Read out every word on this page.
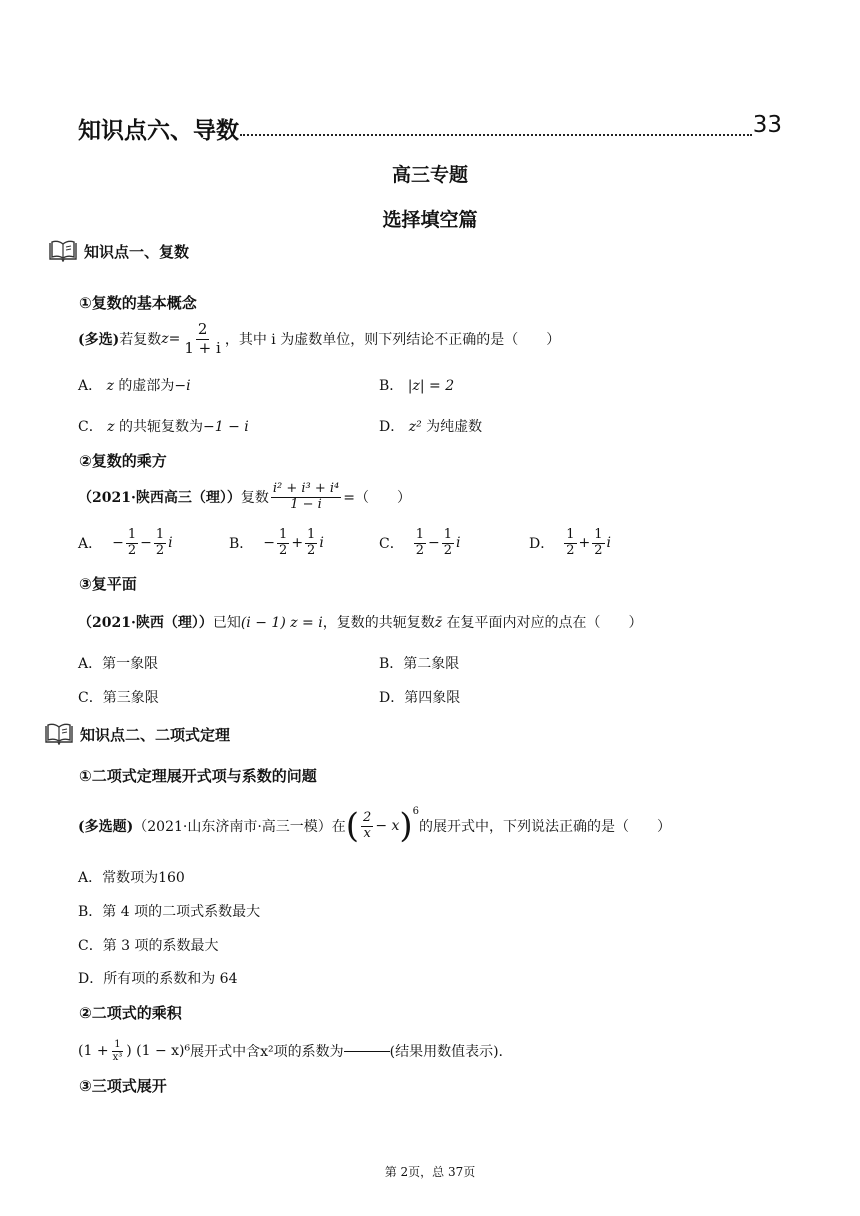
知识点六、导数	33
高三专题
选择填空篇
知识点一、复数
①复数的基本概念
(多选) 若复数 $z = \frac{2}{1 + i}$ ，其中 i 为虚数单位，则下列结论不正确的是（　　）
A． z 的虚部为−i	B． |z| = 2
C． z 的共轭复数为−1 − i	D． z² 为纯虚数
②复数的乘方
（2021·陕西高三（理）） 复数 $\frac{\text{i² + i³ + i⁴}}{1 - i}$ =（　　）
A． − $\frac{1}{2} - \frac{1}{2}$ i	B． − $\frac{1}{2} + \frac{1}{2}$ i	C． $\frac{1}{2} - \frac{1}{2}$ i	D． $\frac{1}{2} + \frac{1}{2}$ i
③复平面
（2021·陕西（理））已知(i − 1) z = i，复数的共轭复数z̄ 在复平面内对应的点在（　　）
A．第一象限	B．第二象限
C．第三象限	D．第四象限
知识点二、二项式定理
①二项式定理展开式项与系数的问题
(多选题) （2021·山东济南市·高三一模）在 ( $\frac{2}{x} - x$ ) 6
的展开式中，下列说法正确的是（　　）
A．常数项为160
B．第 4 项的二项式系数最大
C．第 3 项的系数最大
D．所有项的系数和为 64
②二项式的乘积
($1 + \frac{1}{\text{x³}}$ ) (1 − x)⁶ 展开式中含x²项的系数为	(结果用数值表示).
③三项式展开
第 2页，总 37页
